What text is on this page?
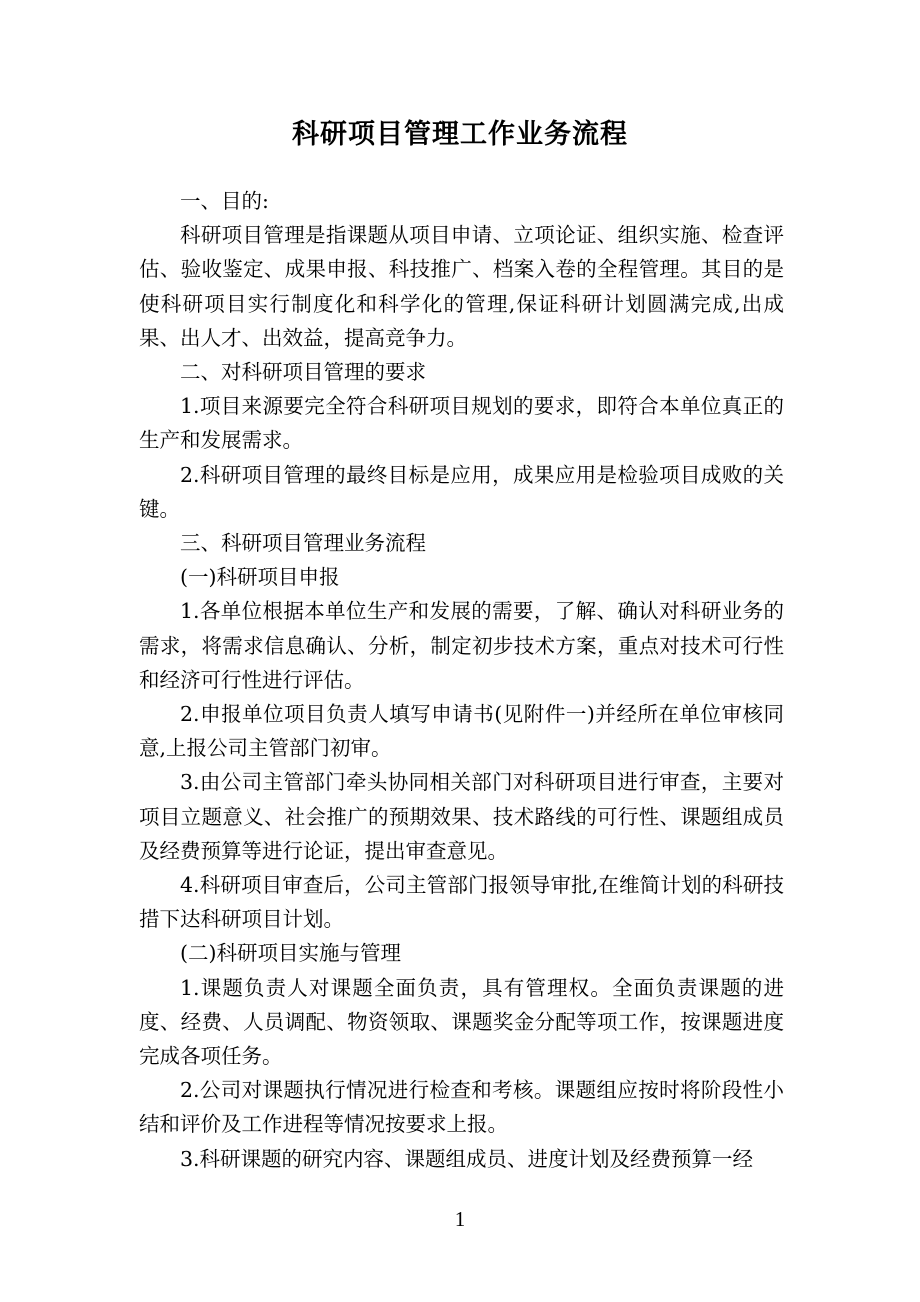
科研项目管理工作业务流程

一、目的:

科研项目管理是指课题从项目申请、立项论证、组织实施、检查评估、验收鉴定、成果申报、科技推广、档案入卷的全程管理。其目的是使科研项目实行制度化和科学化的管理,保证科研计划圆满完成,出成果、出人才、出效益，提高竞争力。

二、对科研项目管理的要求

1.项目来源要完全符合科研项目规划的要求，即符合本单位真正的生产和发展需求。

2.科研项目管理的最终目标是应用，成果应用是检验项目成败的关键。

三、科研项目管理业务流程

(一)科研项目申报

1.各单位根据本单位生产和发展的需要，了解、确认对科研业务的需求，将需求信息确认、分析，制定初步技术方案，重点对技术可行性和经济可行性进行评估。

2.申报单位项目负责人填写申请书(见附件一)并经所在单位审核同意,上报公司主管部门初审。

3.由公司主管部门牵头协同相关部门对科研项目进行审查，主要对项目立题意义、社会推广的预期效果、技术路线的可行性、课题组成员及经费预算等进行论证，提出审查意见。

4.科研项目审查后，公司主管部门报领导审批,在维简计划的科研技措下达科研项目计划。

(二)科研项目实施与管理

1.课题负责人对课题全面负责，具有管理权。全面负责课题的进度、经费、人员调配、物资领取、课题奖金分配等项工作，按课题进度完成各项任务。

2.公司对课题执行情况进行检查和考核。课题组应按时将阶段性小结和评价及工作进程等情况按要求上报。

3.科研课题的研究内容、课题组成员、进度计划及经费预算一经

1
